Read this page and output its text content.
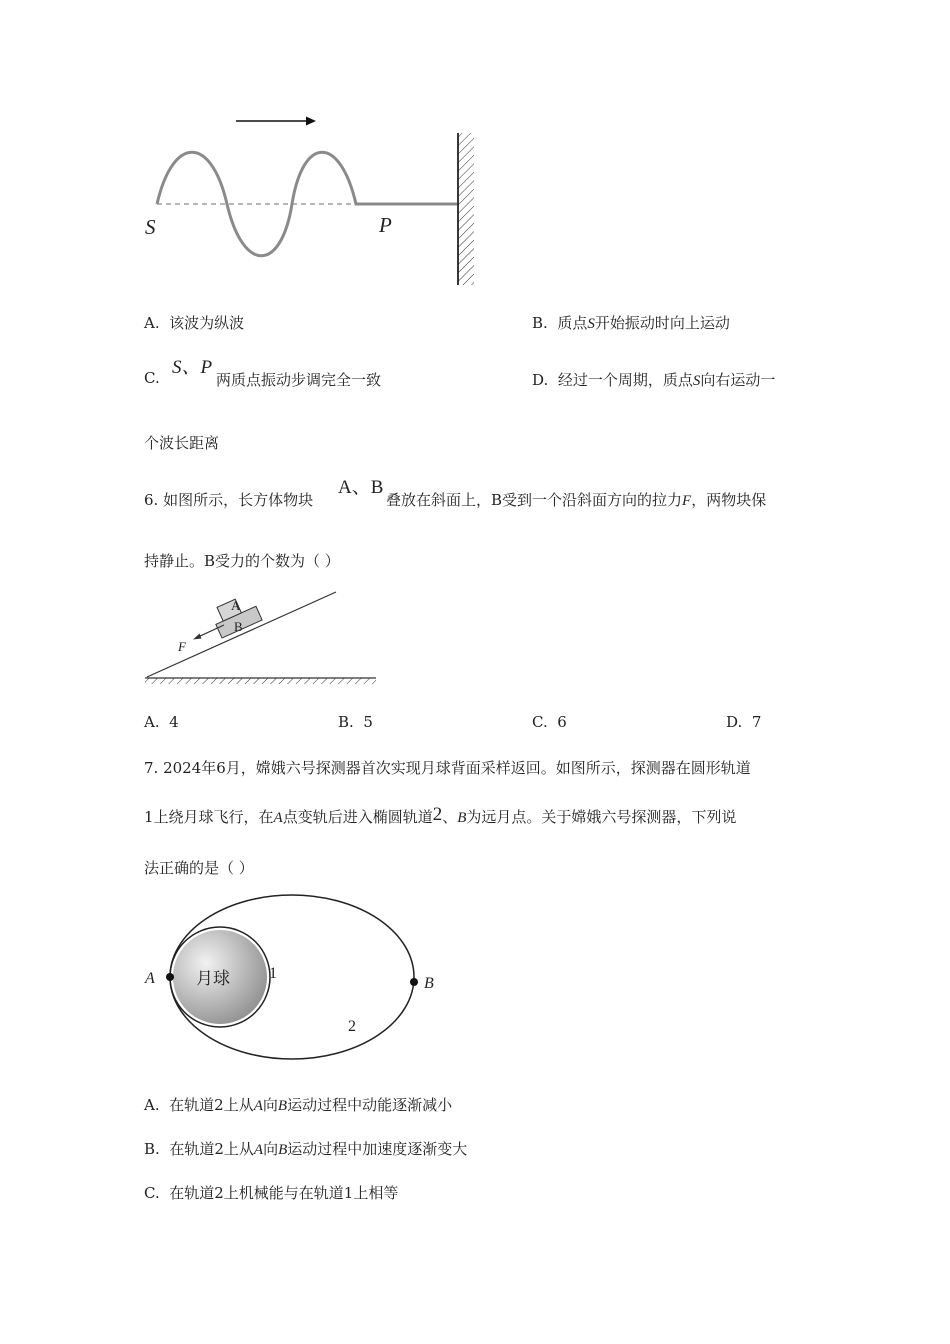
S	P
A. 该波为纵波	B. 质点S开始振动时向上运动
C. S、P
两质点振动步调完全一致	D. 经过一个周期，质点S向右运动一
个波长距离
6. 如图所示，长方体物块
A、B
叠放在斜面上，B受到一个沿斜面方向的拉力F，两物块保
持静止。B受力的个数为（ ）
A
B
F
A. 4	B. 5	C. 6	D. 7
7. 2024年6月，嫦娥六号探测器首次实现月球背面采样返回。如图所示，探测器在圆形轨道
1上绕月球飞行，在A点变轨后进入椭圆轨道2、B为远月点。关于嫦娥六号探测器，下列说
法正确的是（ ）
A	B
月球 1
2
A. 在轨道2上从A向B运动过程中动能逐渐减小
B. 在轨道2上从A向B运动过程中加速度逐渐变大
C. 在轨道2上机械能与在轨道1上相等
